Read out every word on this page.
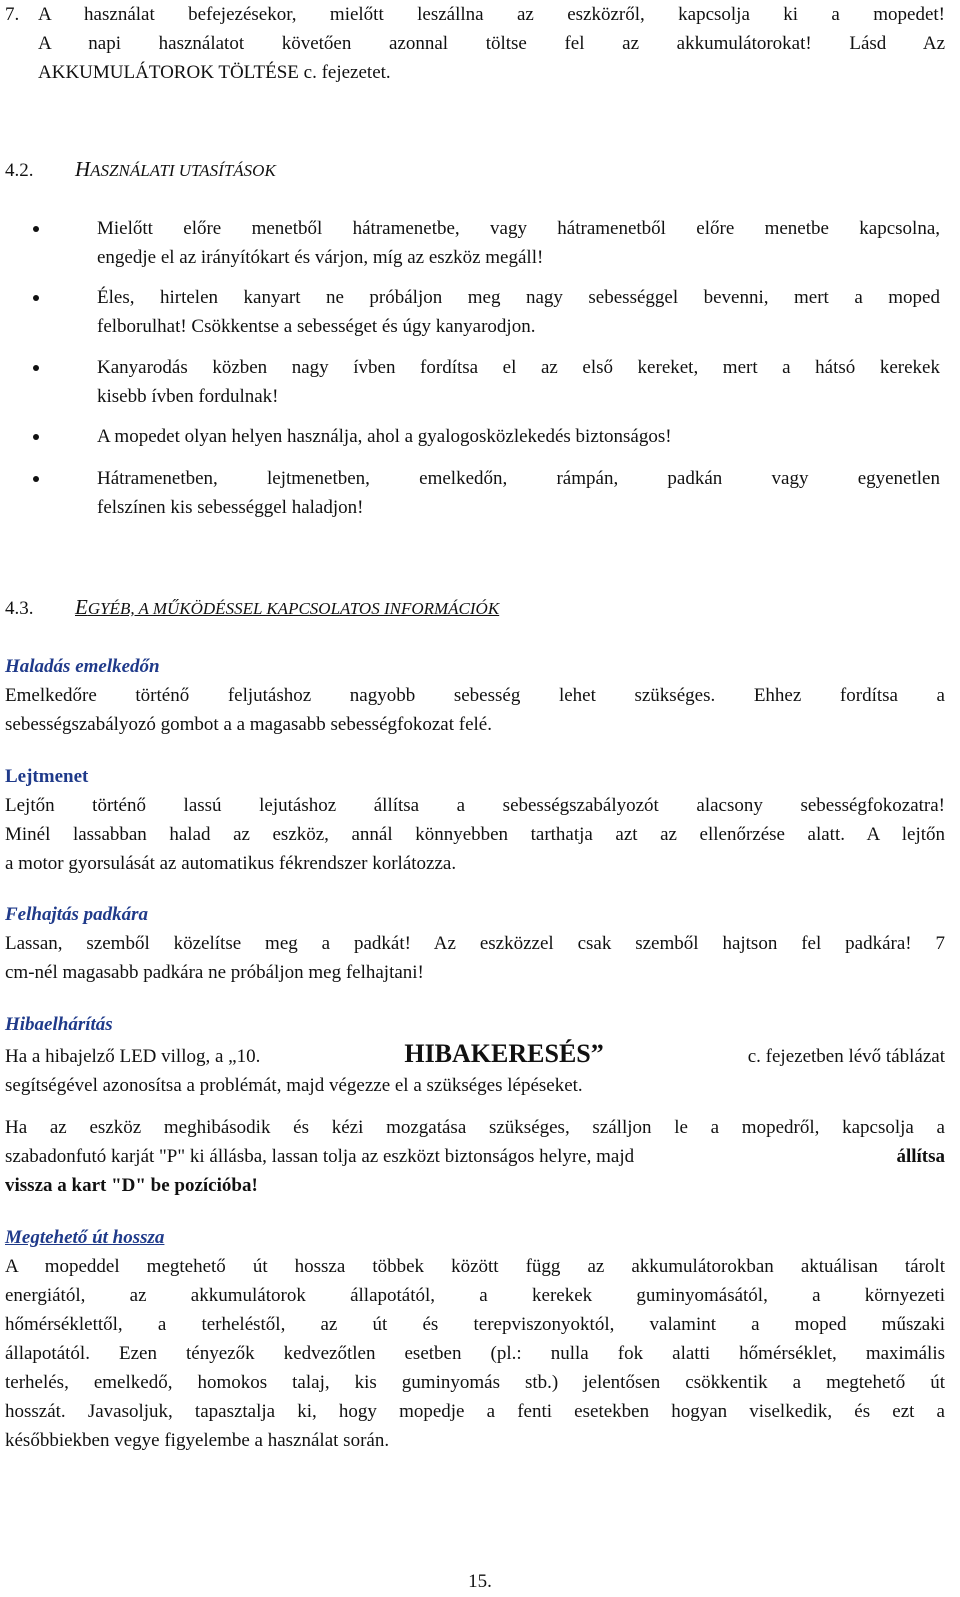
7. A használat befejezésekor, mielőtt leszállna az eszközről, kapcsolja ki a mopedet!
A napi használatot követően azonnal töltse fel az akkumulátorokat! Lásd Az
AKKUMULÁTOROK TÖLTÉSE c. fejezetet.
4.2. HASZNÁLATI UTASÍTÁSOK
Mielőtt előre menetből hátramenetbe, vagy hátramenetből előre menetbe kapcsolna,
engedje el az irányítókart és várjon, míg az eszköz megáll!
Éles, hirtelen kanyart ne próbáljon meg nagy sebességgel bevenni, mert a moped
felborulhat! Csökkentse a sebességet és úgy kanyarodjon.
Kanyarodás közben nagy ívben fordítsa el az első kereket, mert a hátsó kerekek
kisebb ívben fordulnak!
A mopedet olyan helyen használja, ahol a gyalogosközlekedés biztonságos!
Hátramenetben, lejtmenetben, emelkedőn, rámpán, padkán vagy egyenetlen
felszínen kis sebességgel haladjon!
4.3. EGYÉB, A MŰKÖDÉSSEL KAPCSOLATOS INFORMÁCIÓK
Haladás emelkedőn
Emelkedőre történő feljutáshoz nagyobb sebesség lehet szükséges. Ehhez fordítsa a
sebességszabályozó gombot a a magasabb sebességfokozat felé.
Lejtmenet
Lejtőn történő lassú lejutáshoz állítsa a sebességszabályozót alacsony sebességfokozatra!
Minél lassabban halad az eszköz, annál könnyebben tarthatja azt az ellenőrzése alatt. A lejtőn
a motor gyorsulását az automatikus fékrendszer korlátozza.
Felhajtás padkára
Lassan, szemből közelítse meg a padkát! Az eszközzel csak szemből hajtson fel padkára! 7
cm-nél magasabb padkára ne próbáljon meg felhajtani!
Hibaelhárítás
Ha a hibajelző LED villog, a „10.	HIBAKERESÉS”	c. fejezetben lévő táblázat
segítségével azonosítsa a problémát, majd végezze el a szükséges lépéseket.
Ha az eszköz meghibásodik és kézi mozgatása szükséges, szálljon le a mopedről, kapcsolja a
szabadonfutó karját "P" ki állásba, lassan tolja az eszközt biztonságos helyre, majd	állítsa
vissza a kart "D" be pozícióba!
Megtehető út hossza
A mopeddel megtehető út hossza többek között függ az akkumulátorokban aktuálisan tárolt
energiától, az akkumulátorok állapotától, a kerekek guminyomásától, a környezeti
hőmérséklettől, a terheléstől, az út és terepviszonyoktól, valamint a moped műszaki
állapotától. Ezen tényezők kedvezőtlen esetben (pl.: nulla fok alatti hőmérséklet, maximális
terhelés, emelkedő, homokos talaj, kis guminyomás stb.) jelentősen csökkentik a megtehető út
hosszát. Javasoljuk, tapasztalja ki, hogy mopedje a fenti esetekben hogyan viselkedik, és ezt a
későbbiekben vegye figyelembe a használat során.
15.
